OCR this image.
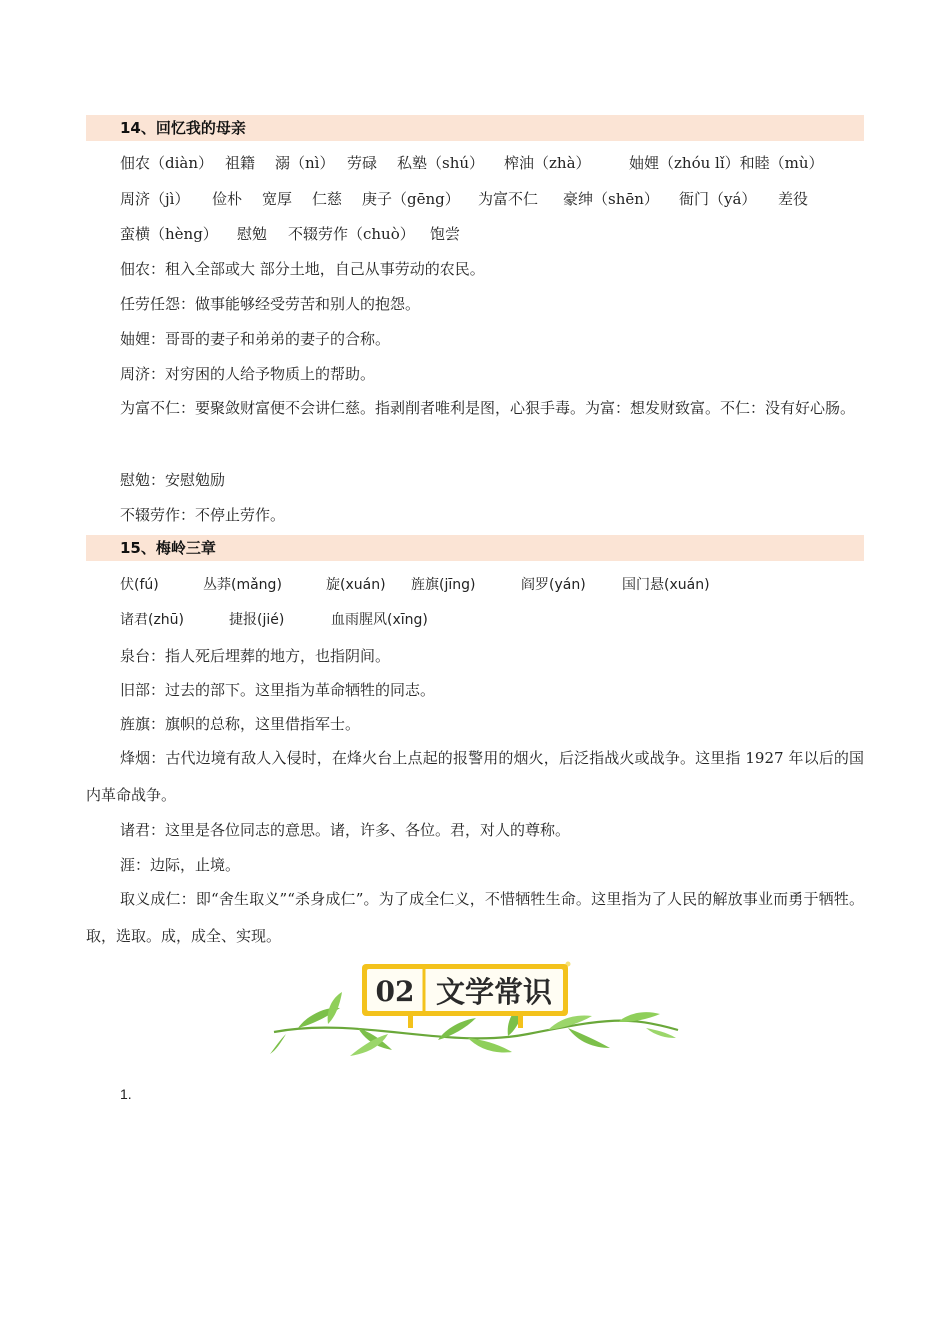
14、回忆我的母亲
佃农（diàn） 祖籍 溺（nì） 劳碌 私塾（shú） 榨油（zhà）	妯娌（zhóu lǐ）和睦（mù）
周济（jì） 俭朴 宽厚 仁慈 庚子（gēng） 为富不仁 豪绅（shēn） 衙门（yá） 差役
蛮横（hèng） 慰勉 不辍劳作（chuò） 饱尝
佃农：租入全部或大 部分土地，自己从事劳动的农民。
任劳任怨：做事能够经受劳苦和别人的抱怨。
妯娌：哥哥的妻子和弟弟的妻子的合称。
周济：对穷困的人给予物质上的帮助。
为富不仁：要聚敛财富便不会讲仁慈。指剥削者唯利是图，心狠手毒。为富：想发财致富。不仁：没有好心肠。
慰勉：安慰勉励
不辍劳作：不停止劳作。
15、梅岭三章
伏(fú)	丛莽(mǎng)	旋(xuán) 旌旗(jīng)	阎罗(yán)	国门悬(xuán)
诸君(zhū)	捷报(jié)	血雨腥风(xīng)
泉台：指人死后埋葬的地方，也指阴间。
旧部：过去的部下。这里指为革命牺牲的同志。
旌旗：旗帜的总称，这里借指军士。
烽烟：古代边境有敌人入侵时，在烽火台上点起的报警用的烟火，后泛指战火或战争。这里指 1927 年以后的国内革命战争。
诸君：这里是各位同志的意思。诸，许多、各位。君，对人的尊称。
涯：边际，止境。
取义成仁：即“舍生取义”“杀身成仁”。为了成全仁义，不惜牺牲生命。这里指为了人民的解放事业而勇于牺牲。取，选取。成，成全、实现。
02 文学常识
1.
